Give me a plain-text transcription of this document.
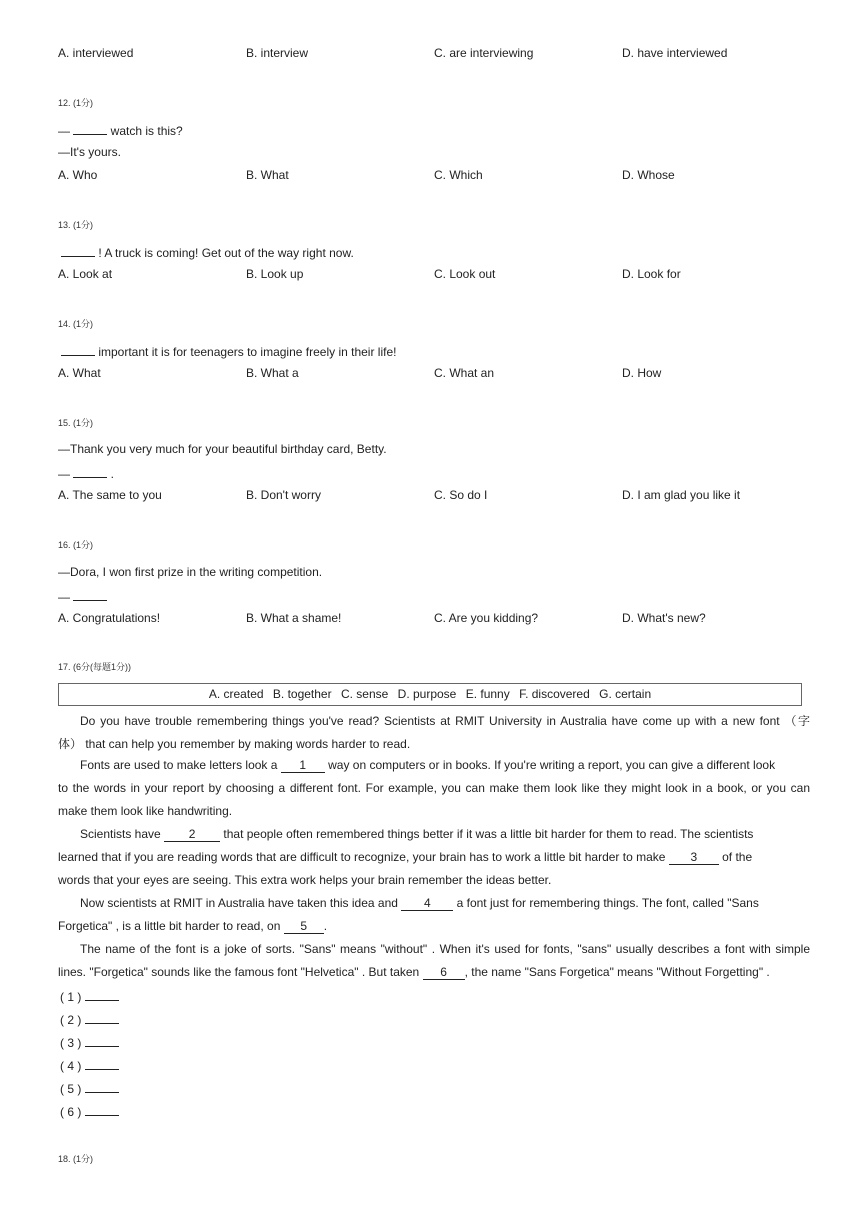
A. interviewed	B. interview	C. are interviewing	D. have interviewed
12. (1分)
—	watch is this?
—It's yours.
A. Who	B. What	C. Which	D. Whose
13. (1分)
! A truck is coming! Get out of the way right now.
A. Look at	B. Look up	C. Look out	D. Look for
14. (1分)
important it is for teenagers to imagine freely in their life!
A. What	B. What a	C. What an	D. How
15. (1分)
—Thank you very much for your beautiful birthday card, Betty.
—	.
A. The same to you	B. Don't worry	C. So do I	D. I am glad you like it
16. (1分)
—Dora, I won first prize in the writing competition.
—
A. Congratulations!	B. What a shame!	C. Are you kidding?	D. What's new?
17. (6分(每题1分))
A. created B. together C. sense D. purpose E. funny F. discovered G. certain
Do you have trouble remembering things you've read? Scientists at RMIT University in Australia have come up with a new font （字
体） that can help you remember by making words harder to read.
Fonts are used to make letters look a 1 way on computers or in books. If you're writing a report, you can give a different look
to the words in your report by choosing a different font. For example, you can make them look like they might look in a book, or you can
make them look like handwriting.
Scientists have 2 that people often remembered things better if it was a little bit harder for them to read. The scientists
learned that if you are reading words that are difficult to recognize, your brain has to work a little bit harder to make 3 of the
words that your eyes are seeing. This extra work helps your brain remember the ideas better.
Now scientists at RMIT in Australia have taken this idea and 4 a font just for remembering things. The font, called "Sans
Forgetica" , is a little bit harder to read, on 5 .
The name of the font is a joke of sorts. "Sans" means "without" . When it's used for fonts, "sans" usually describes a font with simple
lines. "Forgetica" sounds like the famous font "Helvetica" . But taken 6 , the name "Sans Forgetica" means "Without Forgetting" .
( 1 )
( 2 )
( 3 )
( 4 )
( 5 )
( 6 )
18. (1分)
